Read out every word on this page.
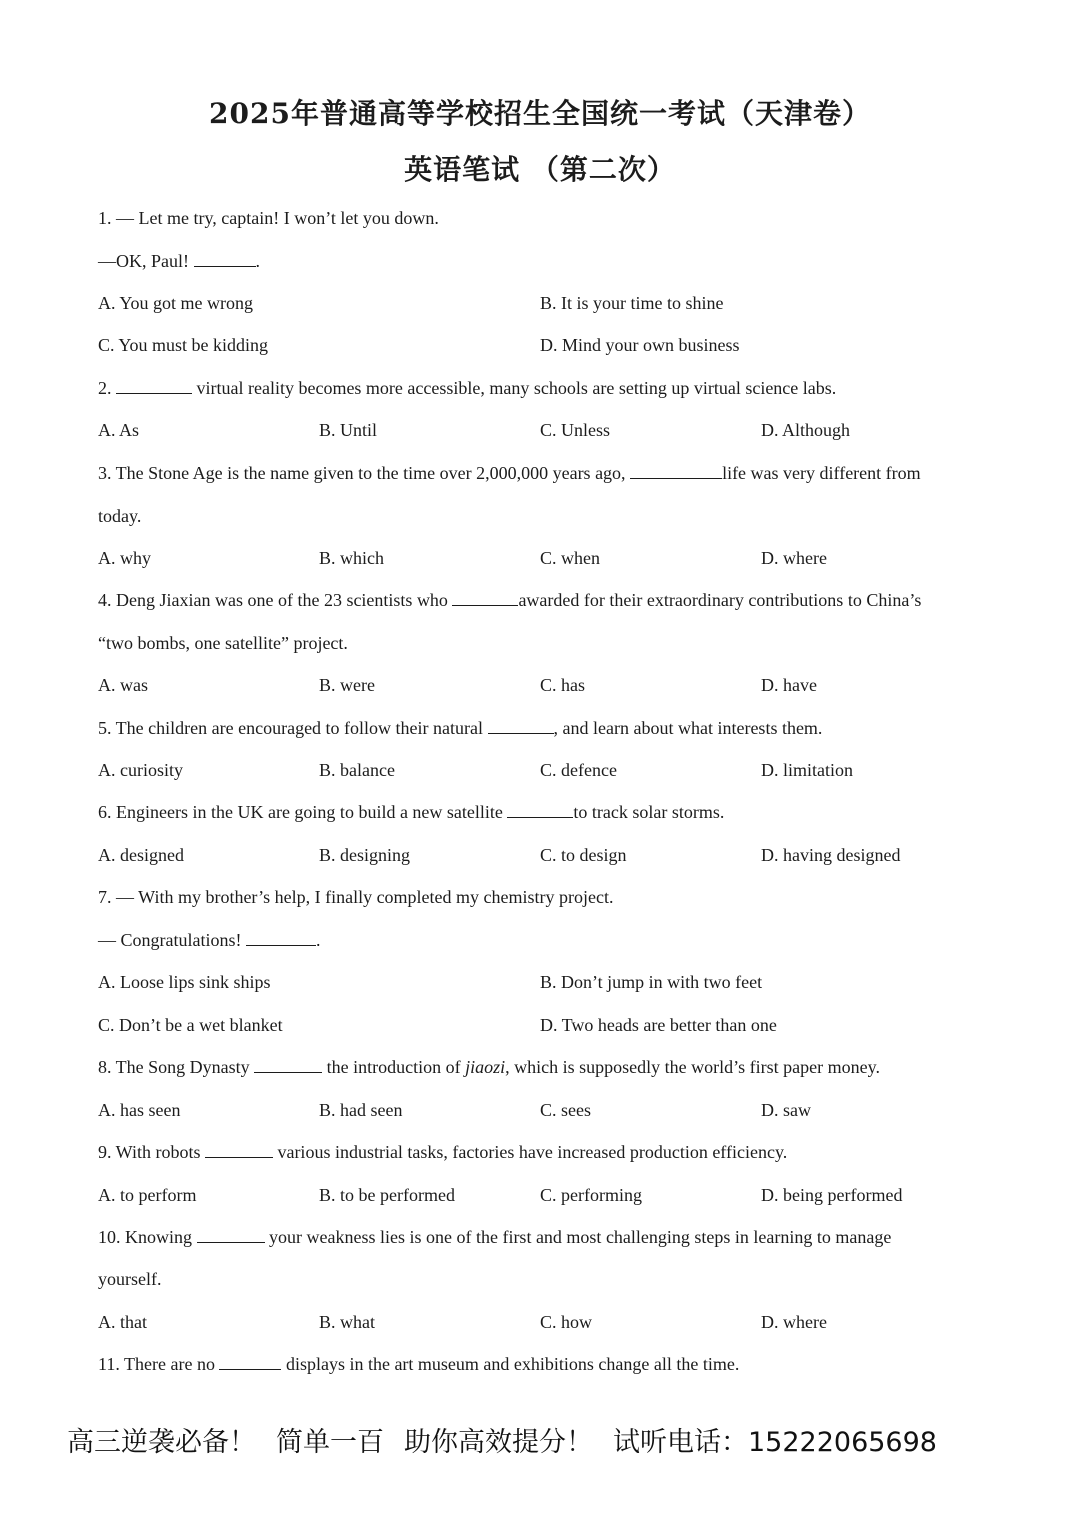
2025年普通高等学校招生全国统一考试（天津卷）
英语笔试 （第二次）
1. — Let me try, captain! I won’t let you down.
—OK, Paul!	.
A. You got me wrong	B. It is your time to shine
C. You must be kidding	D. Mind your own business
2.	virtual reality becomes more accessible, many schools are setting up virtual science labs.
A. As	B. Until	C. Unless	D. Although
3. The Stone Age is the name given to the time over 2,000,000 years ago,	life was very different from
today.
A. why	B. which	C. when	D. where
4. Deng Jiaxian was one of the 23 scientists who	awarded for their extraordinary contributions to China’s
“two bombs, one satellite” project.
A. was	B. were	C. has	D. have
5. The children are encouraged to follow their natural	, and learn about what interests them.
A. curiosity	B. balance	C. defence	D. limitation
6. Engineers in the UK are going to build a new satellite	to track solar storms.
A. designed	B. designing	C. to design	D. having designed
7. — With my brother’s help, I finally completed my chemistry project.
— Congratulations!	.
A. Loose lips sink ships	B. Don’t jump in with two feet
C. Don’t be a wet blanket	D. Two heads are better than one
8. The Song Dynasty	the introduction of jiaozi, which is supposedly the world’s first paper money.
A. has seen	B. had seen	C. sees	D. saw
9. With robots	various industrial tasks, factories have increased production efficiency.
A. to perform	B. to be performed	C. performing	D. being performed
10. Knowing	your weakness lies is one of the first and most challenging steps in learning to manage
yourself.
A. that	B. what	C. how	D. where
11. There are no	displays in the art museum and exhibitions change all the time.
高三逆袭必备！ 简单一百 助你高效提分！ 试听电话：15222065698
